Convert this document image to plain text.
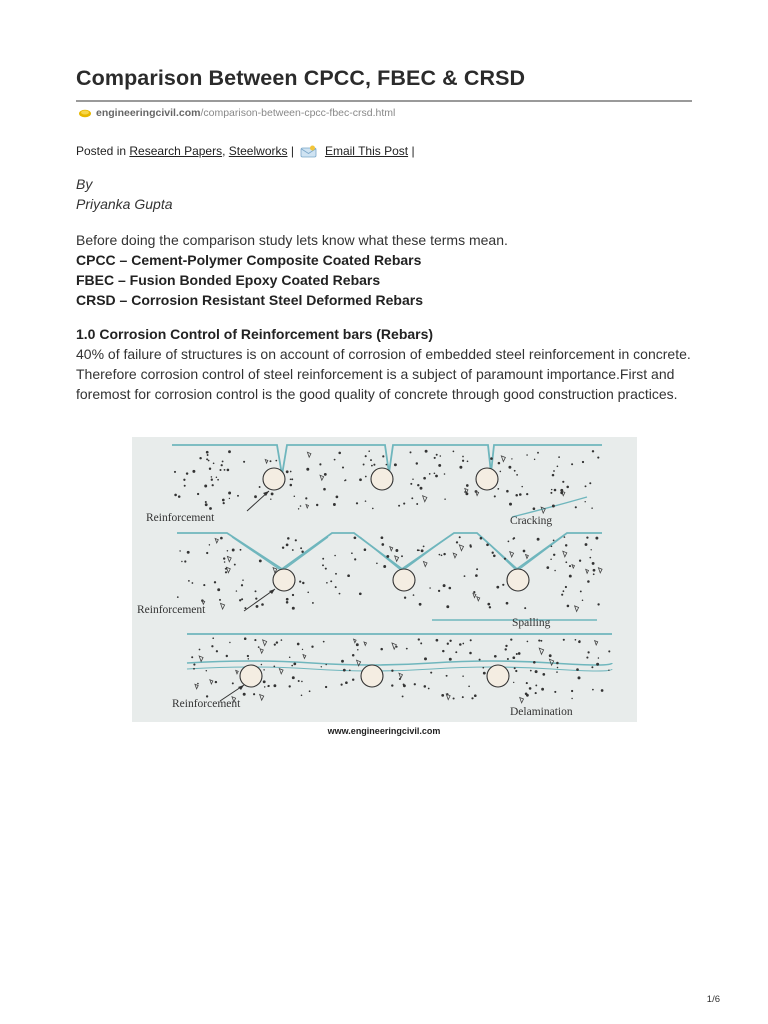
Comparison Between CPCC, FBEC & CRSD
engineeringcivil.com /comparison-between-cpcc-fbec-crsd.html
Posted in
Research Papers ,
Steelworks
|	Email This Post
|
By
Priyanka Gupta
Before doing the comparison study lets know what these terms mean.
CPCC – Cement-Polymer Composite Coated Rebars
FBEC – Fusion Bonded Epoxy Coated Rebars
CRSD – Corrosion Resistant Steel Deformed Rebars
1.0 Corrosion Control of Reinforcement bars (Rebars)

40% of failure of structures is on account of corrosion of embedded steel reinforcement in concrete. Therefore corrosion control of steel reinforcement is a subject of paramount importance.First and foremost for corrosion control is the good quality of concrete through good construction practices.

Reinforcement	Cracking
Reinforcement
Spalling
Reinforcement
Delamination
www.engineeringcivil.com
1/6
